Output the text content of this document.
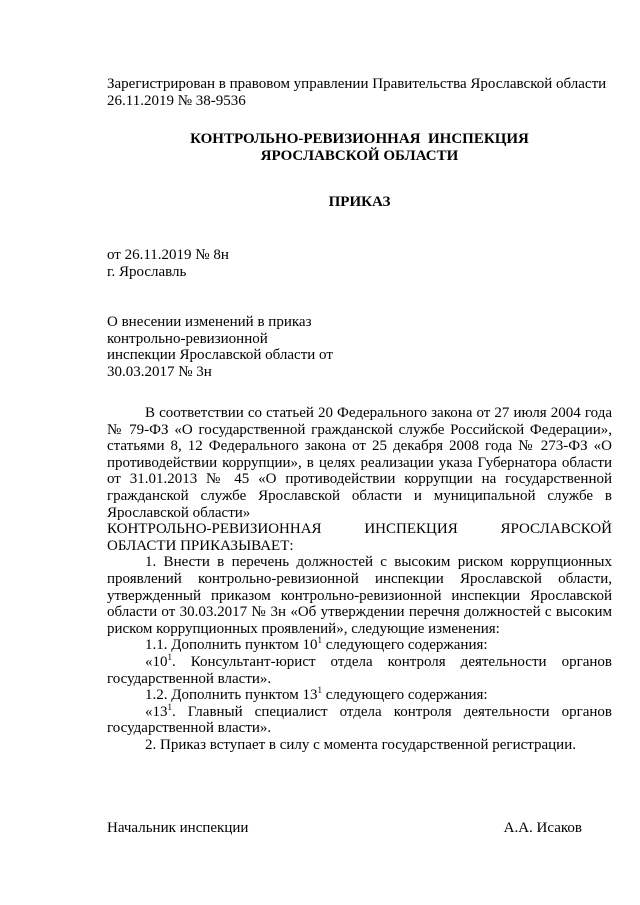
Зарегистрирован в правовом управлении Правительства Ярославской области
26.11.2019 № 38-9536
КОНТРОЛЬНО-РЕВИЗИОННАЯ  ИНСПЕКЦИЯ
ЯРОСЛАВСКОЙ ОБЛАСТИ
ПРИКАЗ
от 26.11.2019 № 8н
г. Ярославль
О внесении изменений в приказ
контрольно-ревизионной
инспекции Ярославской области от
30.03.2017 № 3н

В соответствии со статьей 20 Федерального закона от 27 июля 2004 года № 79-ФЗ «О государственной гражданской службе Российской Федерации», статьями 8, 12 Федерального закона от 25 декабря 2008 года № 273-ФЗ «О противодействии коррупции», в целях реализации указа Губернатора области от 31.01.2013 № 45 «О противодействии коррупции на государственной гражданской службе Ярославской области и муниципальной службе в Ярославской области»

КОНТРОЛЬНО-РЕВИЗИОННАЯ ИНСПЕКЦИЯ ЯРОСЛАВСКОЙ

ОБЛАСТИ ПРИКАЗЫВАЕТ:

1. Внести в перечень должностей с высоким риском коррупционных проявлений контрольно-ревизионной инспекции Ярославской области, утвержденный приказом контрольно-ревизионной инспекции Ярославской области от 30.03.2017 № 3н «Об утверждении перечня должностей с высоким риском коррупционных проявлений», следующие изменения:

1.1. Дополнить пунктом $10^1$ следующего содержания:

«$10^1$. Консультант-юрист отдела контроля деятельности органов государственной власти».

1.2. Дополнить пунктом $13^1$ следующего содержания:

«$13^1$. Главный специалист отдела контроля деятельности органов государственной власти».

2. Приказ вступает в силу с момента государственной регистрации.

Начальник инспекции	А.А. Исаков
